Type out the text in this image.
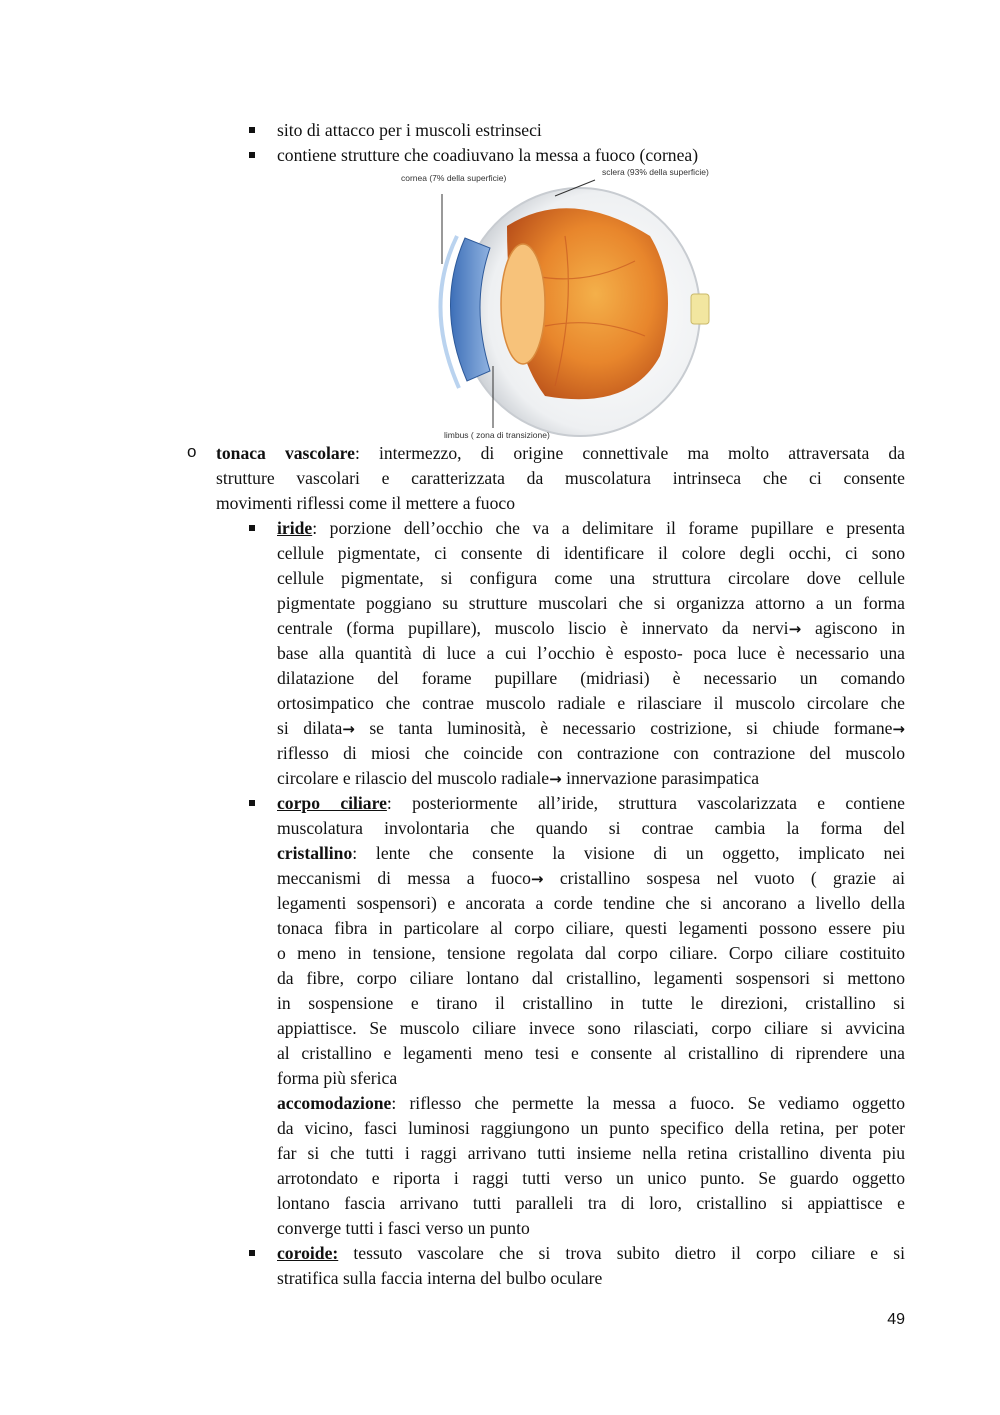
sito di attacco per i muscoli estrinseci
contiene strutture che coadiuvano la messa a fuoco (cornea)
cornea (7% della superficie)
sclera (93% della superficie)
limbus ( zona di transizione)
o tonaca vascolare: intermezzo, di origine connettivale ma molto attraversata da
strutture vascolari e caratterizzata da muscolatura intrinseca che ci consente
movimenti riflessi come il mettere a fuoco
iride: porzione dell’occhio che va a delimitare il forame pupillare e presenta
cellule pigmentate, ci consente di identificare il colore degli occhi, ci sono
cellule pigmentate, si configura come una struttura circolare dove cellule
pigmentate poggiano su strutture muscolari che si organizza attorno a un forma
centrale (forma pupillare), muscolo liscio è innervato da nervi→ agiscono in
base alla quantità di luce a cui l’occhio è esposto- poca luce è necessario una
dilatazione del forame pupillare (midriasi) è necessario un comando
ortosimpatico che contrae muscolo radiale e rilasciare il muscolo circolare che
si dilata→ se tanta luminosità, è necessario costrizione, si chiude formane→
riflesso di miosi che coincide con contrazione con contrazione del muscolo
circolare e rilascio del muscolo radiale→ innervazione parasimpatica
corpo ciliare: posteriormente all’iride, struttura vascolarizzata e contiene
muscolatura involontaria che quando si contrae cambia la forma del
cristallino: lente che consente la visione di un oggetto, implicato nei
meccanismi di messa a fuoco→ cristallino sospesa nel vuoto ( grazie ai
legamenti sospensori) e ancorata a corde tendine che si ancorano a livello della
tonaca fibra in particolare al corpo ciliare, questi legamenti possono essere piu
o meno in tensione, tensione regolata dal corpo ciliare. Corpo ciliare costituito
da fibre, corpo ciliare lontano dal cristallino, legamenti sospensori si mettono
in sospensione e tirano il cristallino in tutte le direzioni, cristallino si
appiattisce. Se muscolo ciliare invece sono rilasciati, corpo ciliare si avvicina
al cristallino e legamenti meno tesi e consente al cristallino di riprendere una
forma più sferica
accomodazione: riflesso che permette la messa a fuoco. Se vediamo oggetto
da vicino, fasci luminosi raggiungono un punto specifico della retina, per poter
far si che tutti i raggi arrivano tutti insieme nella retina cristallino diventa piu
arrotondato e riporta i raggi tutti verso un unico punto. Se guardo oggetto
lontano fascia arrivano tutti paralleli tra di loro, cristallino si appiattisce e
converge tutti i fasci verso un punto
coroide: tessuto vascolare che si trova subito dietro il corpo ciliare e si
stratifica sulla faccia interna del bulbo oculare
49
